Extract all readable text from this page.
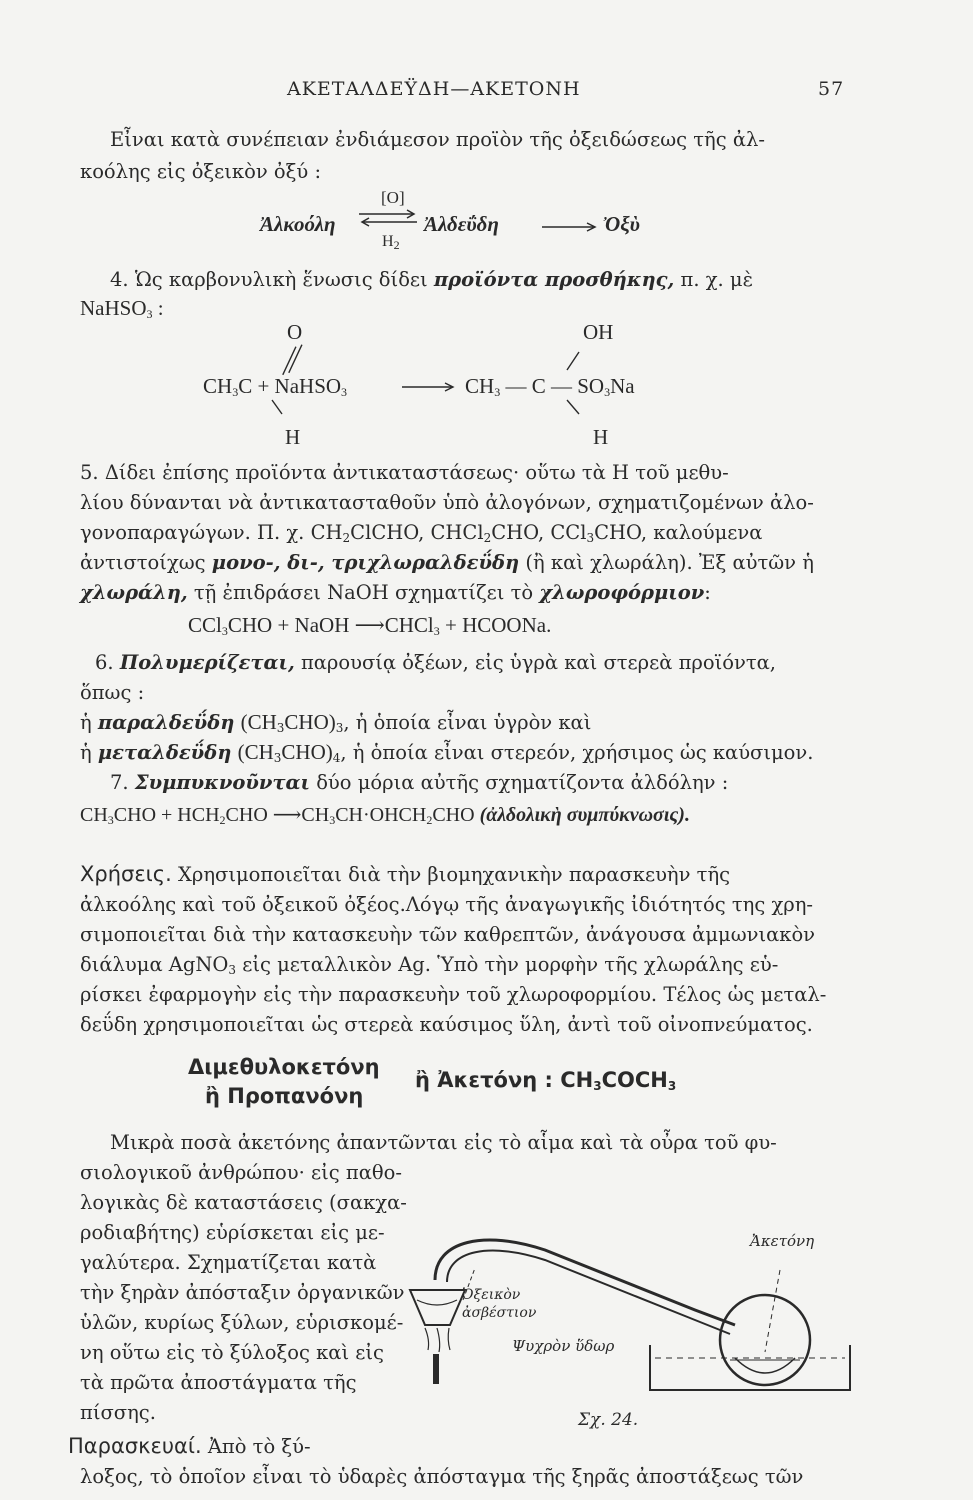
ΑΚΕΤΑΛΔΕΫΔΗ—ΑΚΕΤΟΝΗ	57
Εἶναι κατὰ συνέπειαν ἐνδιάμεσον προϊὸν τῆς ὀξειδώσεως τῆς ἀλ-
κοόλης εἰς ὀξεικὸν ὀξύ :
Ἀλκοόλη
[O]
$H_2$
Ἀλδεΰδη	Ὀξὺ
4. Ὡς καρβονυλικὴ ἕνωσις δίδει προϊόντα προσθήκης, π. χ. μὲ
NaHSO$_3$ :
O	OH
$CH_3C$ + NaHSO$_3$	$CH_3$ — C — $SO_3Na$
H	H
5. Δίδει ἐπίσης προϊόντα ἀντικαταστάσεως· οὕτω τὰ H τοῦ μεθυ-
λίου δύνανται νὰ ἀντικατασταθοῦν ὑπὸ ἀλογόνων, σχηματιζομένων ἀλο-
γονοπαραγώγων. Π. χ. $CH_2ClCHO$, CHCl$_2$CHO, CCl$_3$CHO, καλούμενα
ἀντιστοίχως μονο-, δι-, τριχλωραλδεΰδη (ἢ καὶ χλωράλη). Ἐξ αὐτῶν ἡ
χλωράλη, τῇ ἐπιδράσει NaOH σχηματίζει τὸ χλωροφόρμιον:
CCl$_3$CHO + NaOH ⟶CHCl$_3$ + HCOONa.
6. Πολυμερίζεται, παρουσίᾳ ὀξέων, εἰς ὑγρὰ καὶ στερεὰ προϊόντα,
ὅπως :
ἡ παραλδεΰδη $(CH_3CHO)_3$, ἡ ὁποία εἶναι ὑγρὸν καὶ
ἡ μεταλδεΰδη $(CH_3CHO)_4$, ἡ ὁποία εἶναι στερεόν, χρήσιμος ὡς καύσιμον.
7. Συμπυκνοῦνται δύο μόρια αὐτῆς σχηματίζοντα ἀλδόλην :
$CH_3CHO + HCH_2CHO$ $⟶CH_3CH\cdot OHCH_2CHO$ (ἀλδολικὴ συμπύκνωσις).
Χρήσεις. Χρησιμοποιεῖται διὰ τὴν βιομηχανικὴν παρασκευὴν τῆς
ἀλκοόλης καὶ τοῦ ὀξεικοῦ ὀξέος.Λόγῳ τῆς ἀναγωγικῆς ἰδιότητός της χρη-
σιμοποιεῖται διὰ τὴν κατασκευὴν τῶν καθρεπτῶν, ἀνάγουσα ἀμμωνιακὸν
διάλυμα AgNO$_3$ εἰς μεταλλικὸν Ag. Ὑπὸ τὴν μορφὴν τῆς χλωράλης εὑ-
ρίσκει ἐφαρμογὴν εἰς τὴν παρασκευὴν τοῦ χλωροφορμίου. Τέλος ὡς μεταλ-
δεΰδη χρησιμοποιεῖται ὡς στερεὰ καύσιμος ὕλη, ἀντὶ τοῦ οἰνοπνεύματος.
Διμεθυλοκετόνη
ἢ Προπανόνη
ἢ Ἀκετόνη : $CH_3COCH_3$
Μικρὰ ποσὰ ἀκετόνης ἀπαντῶνται εἰς τὸ αἷμα καὶ τὰ οὖρα τοῦ φυ-
σιολογικοῦ ἀνθρώπου· εἰς παθο-
λογικὰς δὲ καταστάσεις (σακχα-
ροδιαβήτης) εὑρίσκεται εἰς με-
γαλύτερα. Σχηματίζεται κατὰ
τὴν ξηρὰν ἀπόσταξιν ὀργανικῶν
ὑλῶν, κυρίως ξύλων, εὑρισκομέ-
νη οὕτω εἰς τὸ ξύλοξος καὶ εἰς
τὰ πρῶτα ἀποστάγματα τῆς
πίσσης.
Παρασκευαί. Ἀπὸ τὸ ξύ-
λοξος, τὸ ὁποῖον εἶναι τὸ ὑδαρὲς ἀπόσταγμα τῆς ξηρᾶς ἀποστάξεως τῶν
Ἀκετόνη
Ὀξεικὸν
ἀσβέστιον
Ψυχρὸν ὕδωρ
Σχ. 24.
